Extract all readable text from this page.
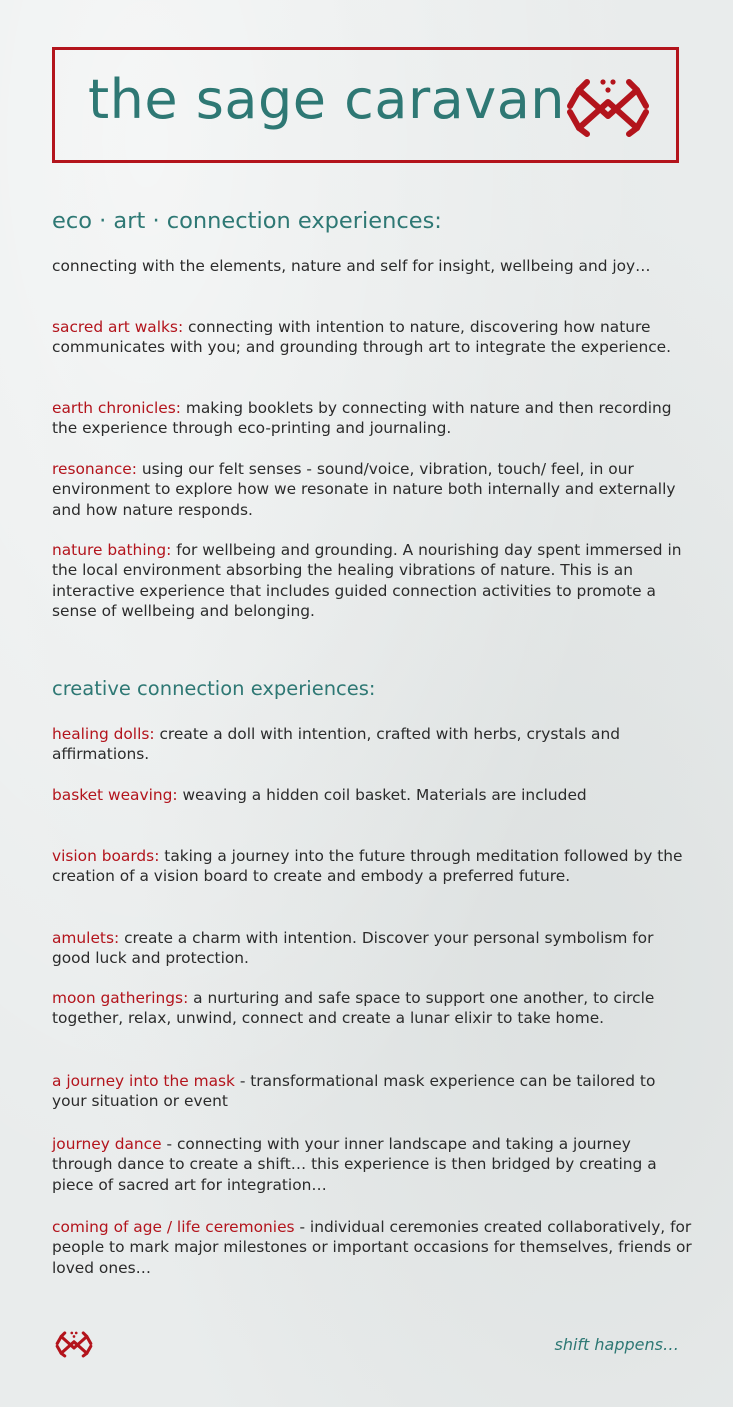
the sage caravan
eco · art · connection experiences:
connecting with the elements, nature and self for insight, wellbeing and joy…
sacred art walks: connecting with intention to nature, discovering how nature communicates with you; and grounding through art to integrate the experience.
earth chronicles: making booklets by connecting with nature and then recording the experience through eco-printing and journaling.
resonance: using our felt senses - sound/voice, vibration, touch/ feel, in our environment to explore how we resonate in nature both internally and externally and how nature responds.
nature bathing: for wellbeing and grounding. A nourishing day spent immersed in the local environment absorbing the healing vibrations of nature. This is an interactive experience that includes guided connection activities to promote a sense of wellbeing and belonging.
creative connection experiences:
healing dolls: create a doll with intention, crafted with herbs, crystals and affirmations.
basket weaving: weaving a hidden coil basket. Materials are included
vision boards: taking a journey into the future through meditation followed by the creation of a vision board to create and embody a preferred future.
amulets: create a charm with intention. Discover your personal symbolism for good luck and protection.
moon gatherings: a nurturing and safe space to support one another, to circle together, relax, unwind, connect and create a lunar elixir to take home.
a journey into the mask - transformational mask experience can be tailored to your situation or event
journey dance - connecting with your inner landscape and taking a journey through dance to create a shift… this experience is then bridged by creating a piece of sacred art for integration…
coming of age / life ceremonies - individual ceremonies created collaboratively, for people to mark major milestones or important occasions for themselves, friends or loved ones…
shift happens…
